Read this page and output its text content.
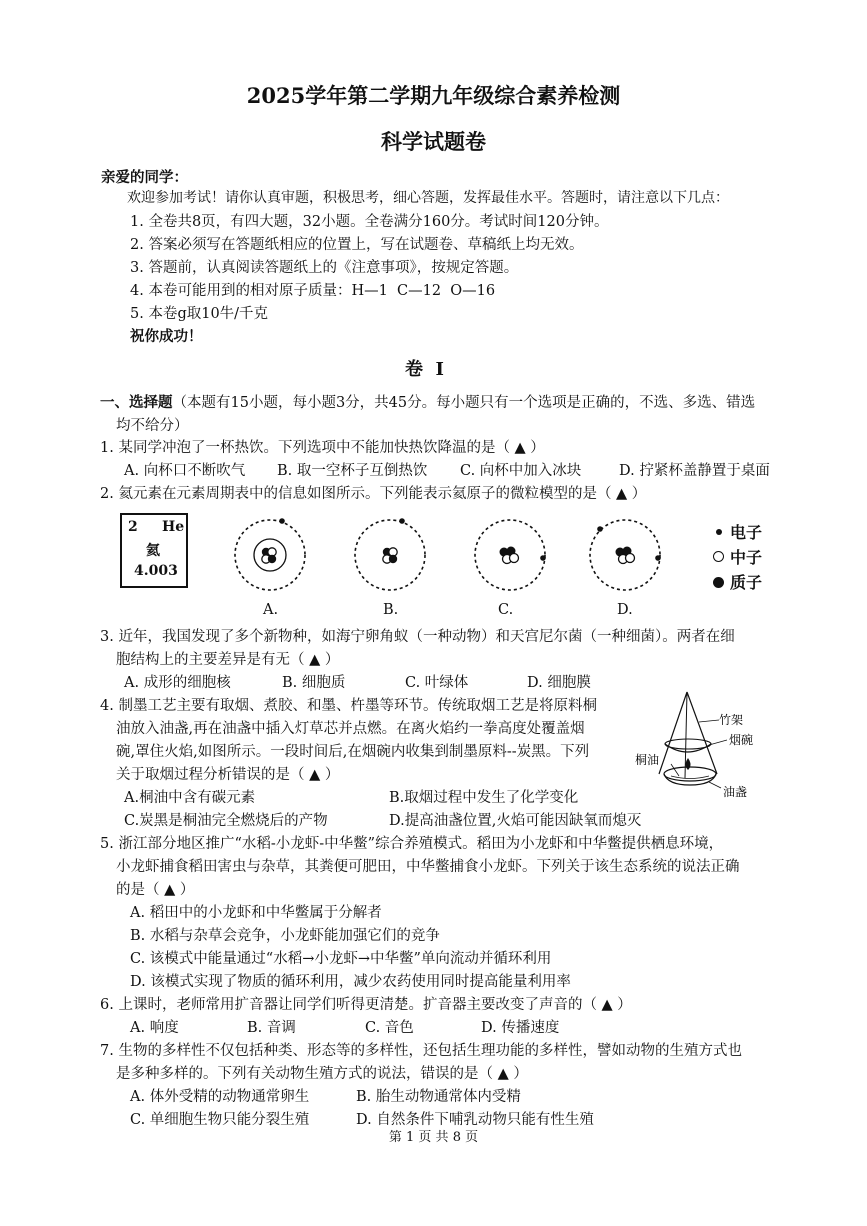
2025学年第二学期九年级综合素养检测
科学试题卷
亲爱的同学：
欢迎参加考试！请你认真审题，积极思考，细心答题，发挥最佳水平。答题时，请注意以下几点：
1. 全卷共8页，有四大题，32小题。全卷满分160分。考试时间120分钟。
2. 答案必须写在答题纸相应的位置上，写在试题卷、草稿纸上均无效。
3. 答题前，认真阅读答题纸上的《注意事项》，按规定答题。
4. 本卷可能用到的相对原子质量：H—1  C—12  O—16
5. 本卷g取10牛/千克
祝你成功！
卷  Ⅰ
一、选择题（本题有15小题，每小题3分，共45分。每小题只有一个选项是正确的，不选、多选、错选
均不给分）
1. 某同学冲泡了一杯热饮。下列选项中不能加快热饮降温的是（ ▲ ）
A. 向杯口不断吹气 B. 取一空杯子互倒热饮 C. 向杯中加入冰块	D. 拧紧杯盖静置于桌面
2. 氦元素在元素周期表中的信息如图所示。下列能表示氦原子的微粒模型的是（ ▲ ）
2 He
氦
4.003
A.	B.	C.	D.
电子
中子
质子
3. 近年，我国发现了多个新物种，如海宁卵角蚁（一种动物）和天宫尼尔菌（一种细菌）。两者在细
胞结构上的主要差异是有无（ ▲ ）
A. 成形的细胞核	B. 细胞质	C. 叶绿体	D. 细胞膜
4. 制墨工艺主要有取烟、煮胶、和墨、杵墨等环节。传统取烟工艺是将原料桐
油放入油盏,再在油盏中插入灯草芯并点燃。在离火焰约一拳高度处覆盖烟
碗,罩住火焰,如图所示。一段时间后,在烟碗内收集到制墨原料--炭黑。下列
关于取烟过程分析错误的是（ ▲ ）
A.桐油中含有碳元素	B.取烟过程中发生了化学变化
C.炭黑是桐油完全燃烧后的产物	D.提高油盏位置,火焰可能因缺氧而熄灭
竹架
烟碗
桐油
油盏
5. 浙江部分地区推广“水稻-小龙虾-中华鳖”综合养殖模式。稻田为小龙虾和中华鳖提供栖息环境，
小龙虾捕食稻田害虫与杂草，其粪便可肥田，中华鳖捕食小龙虾。下列关于该生态系统的说法正确
的是（ ▲ ）
A. 稻田中的小龙虾和中华鳖属于分解者
B. 水稻与杂草会竞争，小龙虾能加强它们的竞争
C. 该模式中能量通过“水稻→小龙虾→中华鳖”单向流动并循环利用
D. 该模式实现了物质的循环利用，减少农药使用同时提高能量利用率
6. 上课时，老师常用扩音器让同学们听得更清楚。扩音器主要改变了声音的（ ▲ ）
A. 响度	B. 音调	C. 音色	D. 传播速度
7. 生物的多样性不仅包括种类、形态等的多样性，还包括生理功能的多样性，譬如动物的生殖方式也
是多种多样的。下列有关动物生殖方式的说法，错误的是（ ▲ ）
A. 体外受精的动物通常卵生	B. 胎生动物通常体内受精
C. 单细胞生物只能分裂生殖	D. 自然条件下哺乳动物只能有性生殖
第 1 页 共 8 页
